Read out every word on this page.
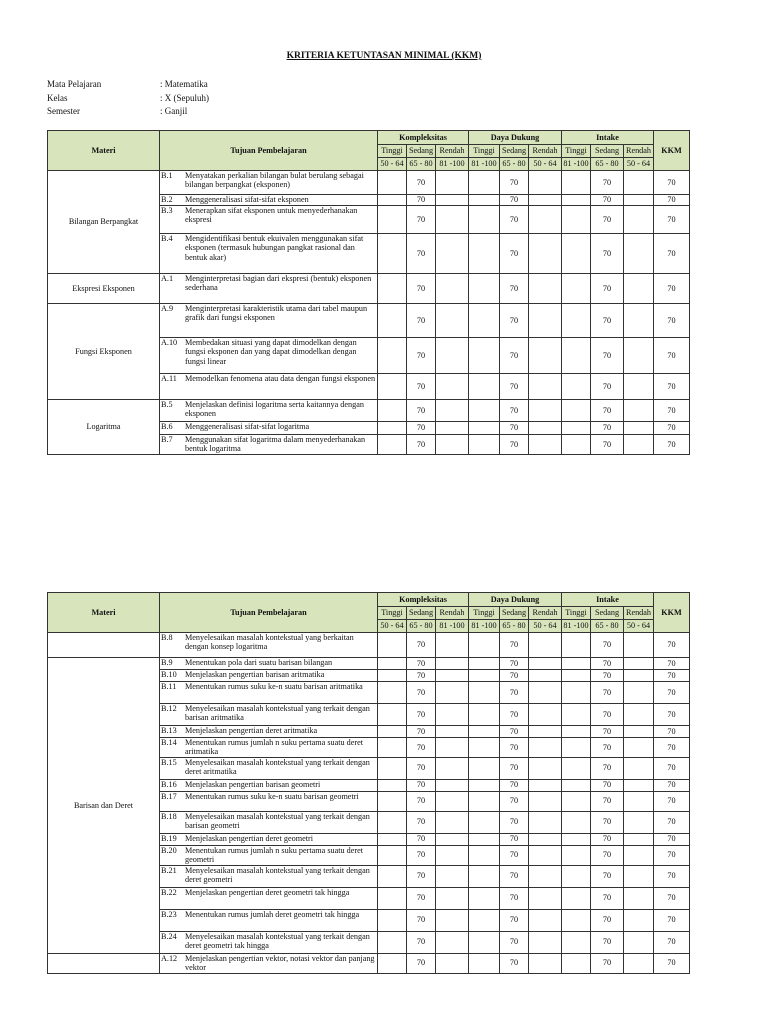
KRITERIA KETUNTASAN MINIMAL (KKM)
Mata Pelajaran	: Matematika
Kelas	: X (Sepuluh)
Semester	: Ganjil
Materi	Tujuan Pembelajaran	Kompleksitas			Daya Dukung			Intake			KKM
		Tinggi	Sedang	Rendah	Tinggi	Sedang	Rendah	Tinggi	Sedang	Rendah	
		50 - 64	65 - 80	81 -100	81 -100	65 - 80	50 - 64	81 -100	65 - 80	50 - 64	
Bilangan Berpangkat	B.1 Menyatakan perkalian bilangan bulat berulang sebagai bilangan berpangkat (eksponen)		70			70			70		70

	B.2 Menggeneralisasi sifat-sifat eksponen		70			70			70		70

	B.3 Menerapkan sifat eksponen untuk menyederhanakan ekspresi		70			70			70		70

	B.4 Mengidentifikasi bentuk ekuivalen menggunakan sifat eksponen (termasuk hubungan pangkat rasional dan bentuk akar)		70			70			70		70
Ekspresi Eksponen	A.1 Menginterpretasi bagian dari ekspresi (bentuk) eksponen sederhana		70			70			70		70
Fungsi Eksponen	A.9 Menginterpretasi karakteristik utama dari tabel maupun grafik dari fungsi eksponen		70			70			70		70

	A.10 Membedakan situasi yang dapat dimodelkan dengan fungsi eksponen dan yang dapat dimodelkan dengan fungsi linear		70			70			70		70

	A.11 Memodelkan fenomena atau data dengan fungsi eksponen		70			70			70		70
Logaritma	B.5 Menjelaskan definisi logaritma serta kaitannya dengan eksponen		70			70			70		70

	B.6 Menggeneralisasi sifat-sifat logaritma		70			70			70		70

	B.7 Menggunakan sifat logaritma dalam menyederhanakan bentuk logaritma		70			70			70		70
Materi	Tujuan Pembelajaran	Kompleksitas			Daya Dukung			Intake			KKM
		Tinggi	Sedang	Rendah	Tinggi	Sedang	Rendah	Tinggi	Sedang	Rendah	
		50 - 64	65 - 80	81 -100	81 -100	65 - 80	50 - 64	81 -100	65 - 80	50 - 64	

	B.8 Menyelesaikan masalah kontekstual yang berkaitan dengan konsep logaritma		70			70			70		70
Barisan dan Deret	B.9 Menentukan pola dari suatu barisan bilangan		70			70			70		70

	B.10 Menjelaskan pengertian barisan aritmatika		70			70			70		70

	B.11 Menentukan rumus suku ke-n suatu barisan aritmatika		70			70			70		70

	B.12 Menyelesaikan masalah kontekstual yang terkait dengan barisan aritmatika		70			70			70		70

	B.13 Menjelaskan pengertian deret aritmatika		70			70			70		70

	B.14 Menentukan rumus jumlah n suku pertama suatu deret aritmatika		70			70			70		70

	B.15 Menyelesaikan masalah kontekstual yang terkait dengan deret aritmatika		70			70			70		70

	B.16 Menjelaskan pengertian barisan geometri		70			70			70		70

	B.17 Menentukan rumus suku ke-n suatu barisan geometri		70			70			70		70

	B.18 Menyelesaikan masalah kontekstual yang terkait dengan barisan geometri		70			70			70		70

	B.19 Menjelaskan pengertian deret geometri		70			70			70		70

	B.20 Menentukan rumus jumlah n suku pertama suatu deret geometri		70			70			70		70

	B.21 Menyelesaikan masalah kontekstual yang terkait dengan deret geometri		70			70			70		70

	B.22 Menjelaskan pengertian deret geometri tak hingga		70			70			70		70

	B.23 Menentukan rumus jumlah deret geometri tak hingga		70			70			70		70

	B.24 Menyelesaikan masalah kontekstual yang terkait dengan deret geometri tak hingga		70			70			70		70

	A.12 Menjelaskan pengertian vektor, notasi vektor dan panjang vektor		70			70			70		70
